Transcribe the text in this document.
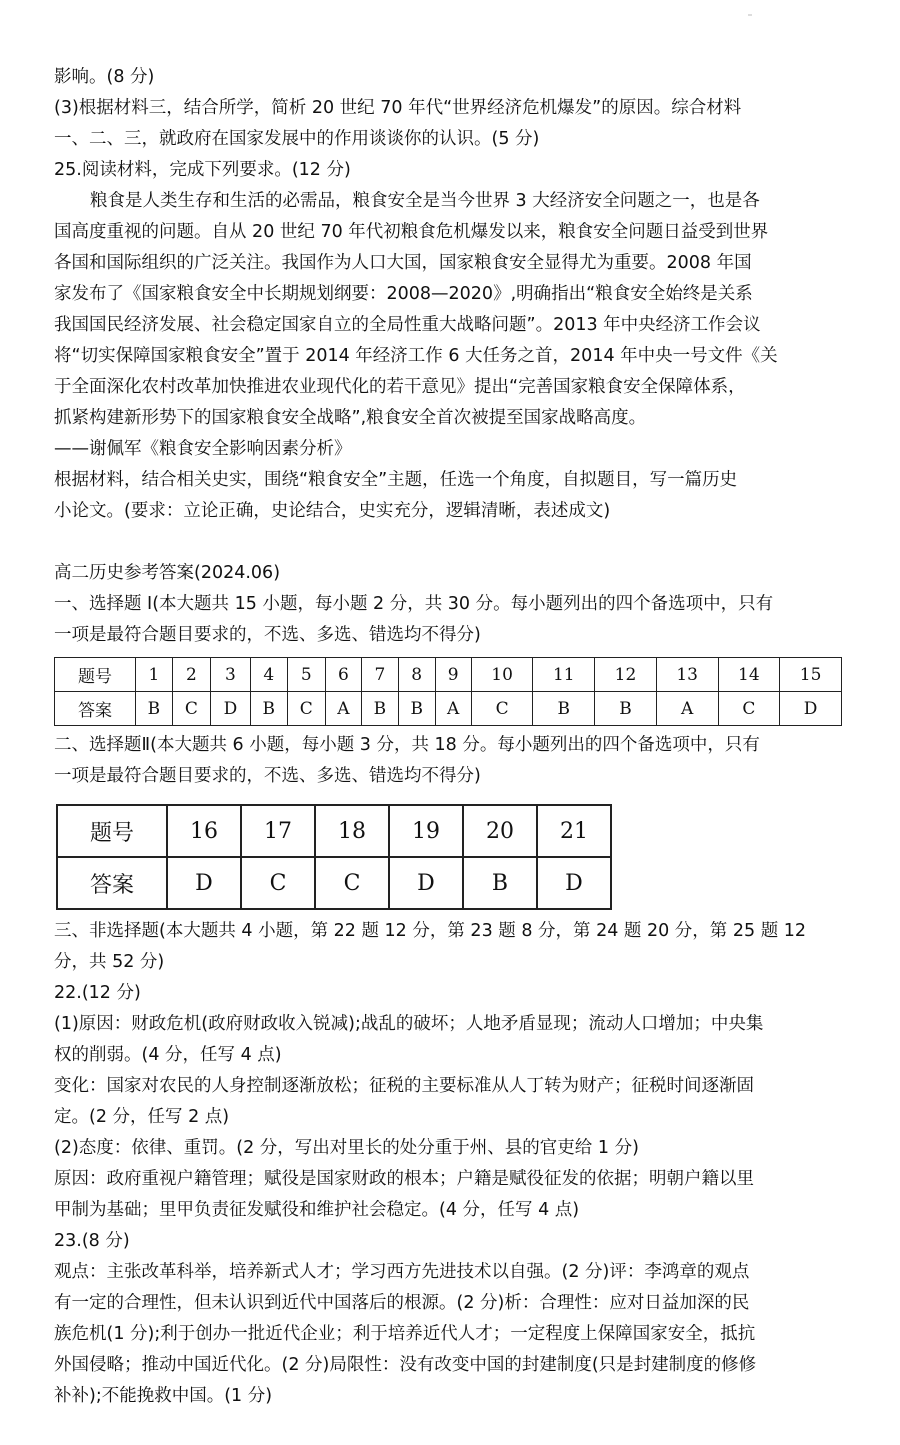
影响。(8 分)
(3)根据材料三，结合所学，简析 20 世纪 70 年代“世界经济危机爆发”的原因。综合材料
一、二、三，就政府在国家发展中的作用谈谈你的认识。(5 分)
25.阅读材料，完成下列要求。(12 分)
粮食是人类生存和生活的必需品，粮食安全是当今世界 3 大经济安全问题之一，也是各
国高度重视的问题。自从 20 世纪 70 年代初粮食危机爆发以来，粮食安全问题日益受到世界
各国和国际组织的广泛关注。我国作为人口大国，国家粮食安全显得尤为重要。2008 年国
家发布了《国家粮食安全中长期规划纲要：2008—2020》,明确指出“粮食安全始终是关系
我国国民经济发展、社会稳定国家自立的全局性重大战略问题”。2013 年中央经济工作会议
将“切实保障国家粮食安全”置于 2014 年经济工作 6 大任务之首，2014 年中央一号文件《关
于全面深化农村改革加快推进农业现代化的若干意见》提出“完善国家粮食安全保障体系，
抓紧构建新形势下的国家粮食安全战略”,粮食安全首次被提至国家战略高度。
——谢佩军《粮食安全影响因素分析》
根据材料，结合相关史实，围绕“粮食安全”主题，任选一个角度，自拟题目，写一篇历史
小论文。(要求：立论正确，史论结合，史实充分，逻辑清晰，表述成文)
高二历史参考答案(2024.06)
一、选择题 I(本大题共 15 小题，每小题 2 分，共 30 分。每小题列出的四个备选项中，只有
一项是最符合题目要求的，不选、多选、错选均不得分)
题号	1	2	3	4	5	6	7	8	9	10	11	12	13	14	15
答案	B	C	D	B	C	A	B	B	A	C	B	B	A	C	D
二、选择题Ⅱ(本大题共 6 小题，每小题 3 分，共 18 分。每小题列出的四个备选项中，只有
一项是最符合题目要求的，不选、多选、错选均不得分)
题号	16	17	18	19	20	21
答案	D	C	C	D	B	D
三、非选择题(本大题共 4 小题，第 22 题 12 分，第 23 题 8 分，第 24 题 20 分，第 25 题 12
分，共 52 分)
22.(12 分)
(1)原因：财政危机(政府财政收入锐减);战乱的破坏；人地矛盾显现；流动人口增加；中央集
权的削弱。(4 分，任写 4 点)
变化：国家对农民的人身控制逐渐放松；征税的主要标准从人丁转为财产；征税时间逐渐固
定。(2 分，任写 2 点)
(2)态度：依律、重罚。(2 分，写出对里长的处分重于州、县的官吏给 1 分)
原因：政府重视户籍管理；赋役是国家财政的根本；户籍是赋役征发的依据；明朝户籍以里
甲制为基础；里甲负责征发赋役和维护社会稳定。(4 分，任写 4 点)
23.(8 分)
观点：主张改革科举，培养新式人才；学习西方先进技术以自强。(2 分)评：李鸿章的观点
有一定的合理性，但未认识到近代中国落后的根源。(2 分)析：合理性：应对日益加深的民
族危机(1 分);利于创办一批近代企业；利于培养近代人才；一定程度上保障国家安全，抵抗
外国侵略；推动中国近代化。(2 分)局限性：没有改变中国的封建制度(只是封建制度的修修
补补);不能挽救中国。(1 分)
